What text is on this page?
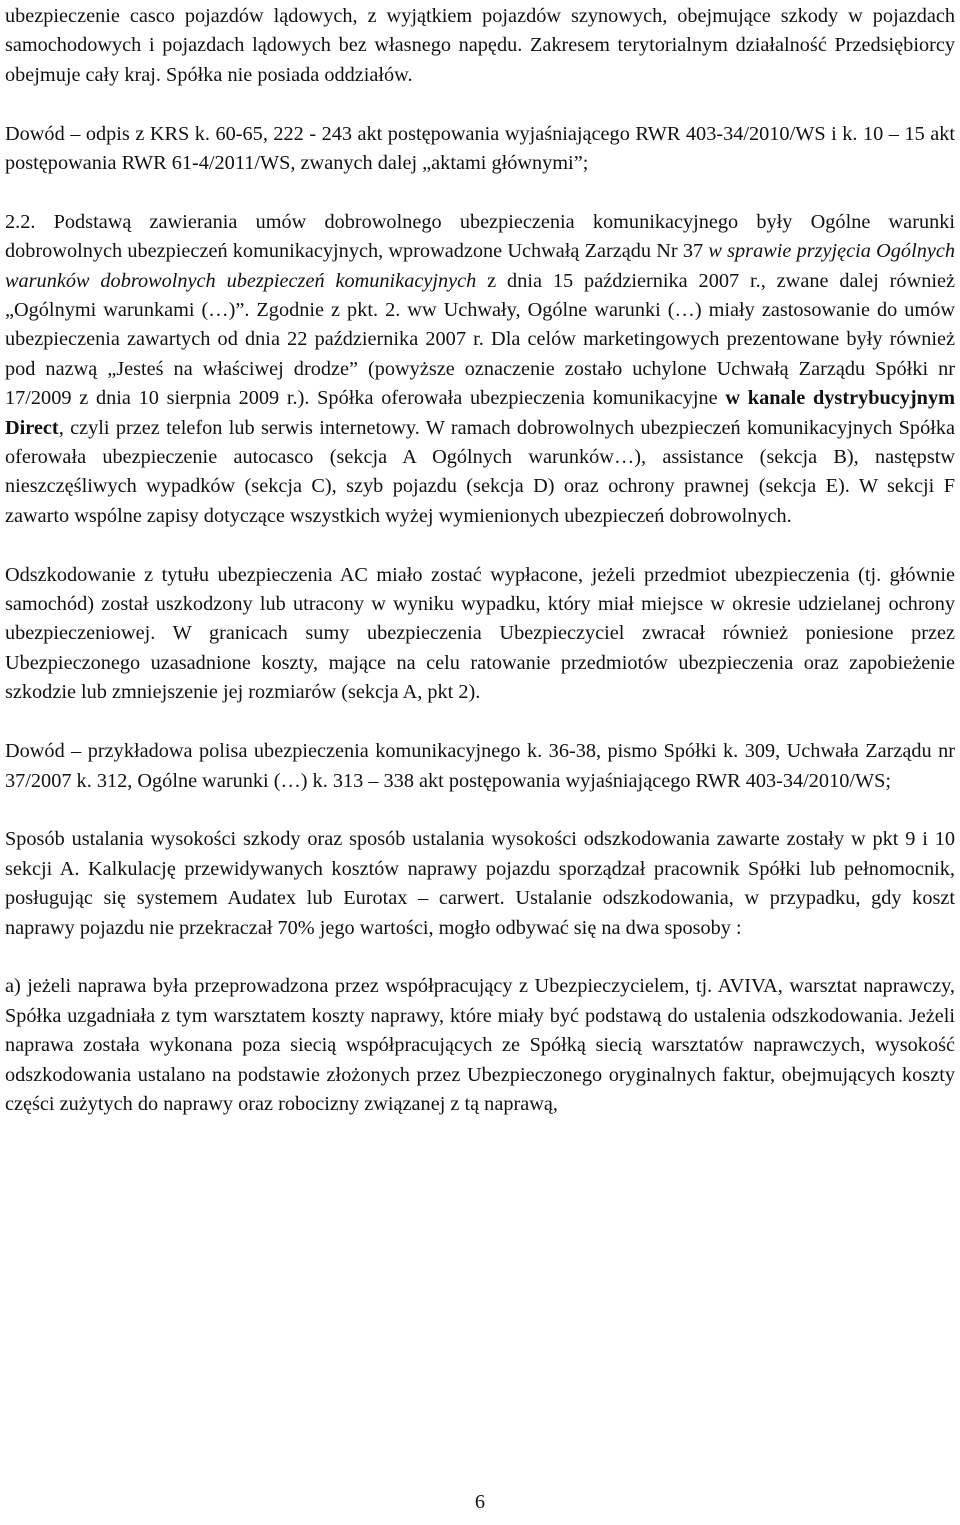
ubezpieczenie casco pojazdów lądowych, z wyjątkiem pojazdów szynowych, obejmujące szkody w pojazdach samochodowych i pojazdach lądowych bez własnego napędu. Zakresem terytorialnym działalność Przedsiębiorcy obejmuje cały kraj. Spółka nie posiada oddziałów.

Dowód – odpis z KRS k. 60-65, 222 - 243 akt postępowania wyjaśniającego RWR 403-34/2010/WS i k. 10 – 15 akt postępowania RWR 61-4/2011/WS, zwanych dalej „aktami głównymi”;

2.2. Podstawą zawierania umów dobrowolnego ubezpieczenia komunikacyjnego były Ogólne warunki dobrowolnych ubezpieczeń komunikacyjnych, wprowadzone Uchwałą Zarządu Nr 37 w sprawie przyjęcia Ogólnych warunków dobrowolnych ubezpieczeń komunikacyjnych z dnia 15 października 2007 r., zwane dalej również „Ogólnymi warunkami (…)”. Zgodnie z pkt. 2. ww Uchwały, Ogólne warunki (…) miały zastosowanie do umów ubezpieczenia zawartych od dnia 22 października 2007 r. Dla celów marketingowych prezentowane były również pod nazwą „Jesteś na właściwej drodze” (powyższe oznaczenie zostało uchylone Uchwałą Zarządu Spółki nr 17/2009 z dnia 10 sierpnia 2009 r.). Spółka oferowała ubezpieczenia komunikacyjne w kanale dystrybucyjnym Direct, czyli przez telefon lub serwis internetowy. W ramach dobrowolnych ubezpieczeń komunikacyjnych Spółka oferowała ubezpieczenie autocasco (sekcja A Ogólnych warunków…), assistance (sekcja B), następstw nieszczęśliwych wypadków (sekcja C), szyb pojazdu (sekcja D) oraz ochrony prawnej (sekcja E). W sekcji F zawarto wspólne zapisy dotyczące wszystkich wyżej wymienionych ubezpieczeń dobrowolnych.

Odszkodowanie z tytułu ubezpieczenia AC miało zostać wypłacone, jeżeli przedmiot ubezpieczenia (tj. głównie samochód) został uszkodzony lub utracony w wyniku wypadku, który miał miejsce w okresie udzielanej ochrony ubezpieczeniowej. W granicach sumy ubezpieczenia Ubezpieczyciel zwracał również poniesione przez Ubezpieczonego uzasadnione koszty, mające na celu ratowanie przedmiotów ubezpieczenia oraz zapobieżenie szkodzie lub zmniejszenie jej rozmiarów (sekcja A, pkt 2).

Dowód – przykładowa polisa ubezpieczenia komunikacyjnego k. 36-38, pismo Spółki k. 309, Uchwała Zarządu nr 37/2007 k. 312, Ogólne warunki (…) k. 313 – 338 akt postępowania wyjaśniającego RWR 403-34/2010/WS;

Sposób ustalania wysokości szkody oraz sposób ustalania wysokości odszkodowania zawarte zostały w pkt 9 i 10 sekcji A. Kalkulację przewidywanych kosztów naprawy pojazdu sporządzał pracownik Spółki lub pełnomocnik, posługując się systemem Audatex lub Eurotax – carwert. Ustalanie odszkodowania, w przypadku, gdy koszt naprawy pojazdu nie przekraczał 70% jego wartości, mogło odbywać się na dwa sposoby :

a) jeżeli naprawa była przeprowadzona przez współpracujący z Ubezpieczycielem, tj. AVIVA, warsztat naprawczy, Spółka uzgadniała z tym warsztatem koszty naprawy, które miały być podstawą do ustalenia odszkodowania. Jeżeli naprawa została wykonana poza siecią współpracujących ze Spółką siecią warsztatów naprawczych, wysokość odszkodowania ustalano na podstawie złożonych przez Ubezpieczonego oryginalnych faktur, obejmujących koszty części zużytych do naprawy oraz robocizny związanej z tą naprawą,

6
